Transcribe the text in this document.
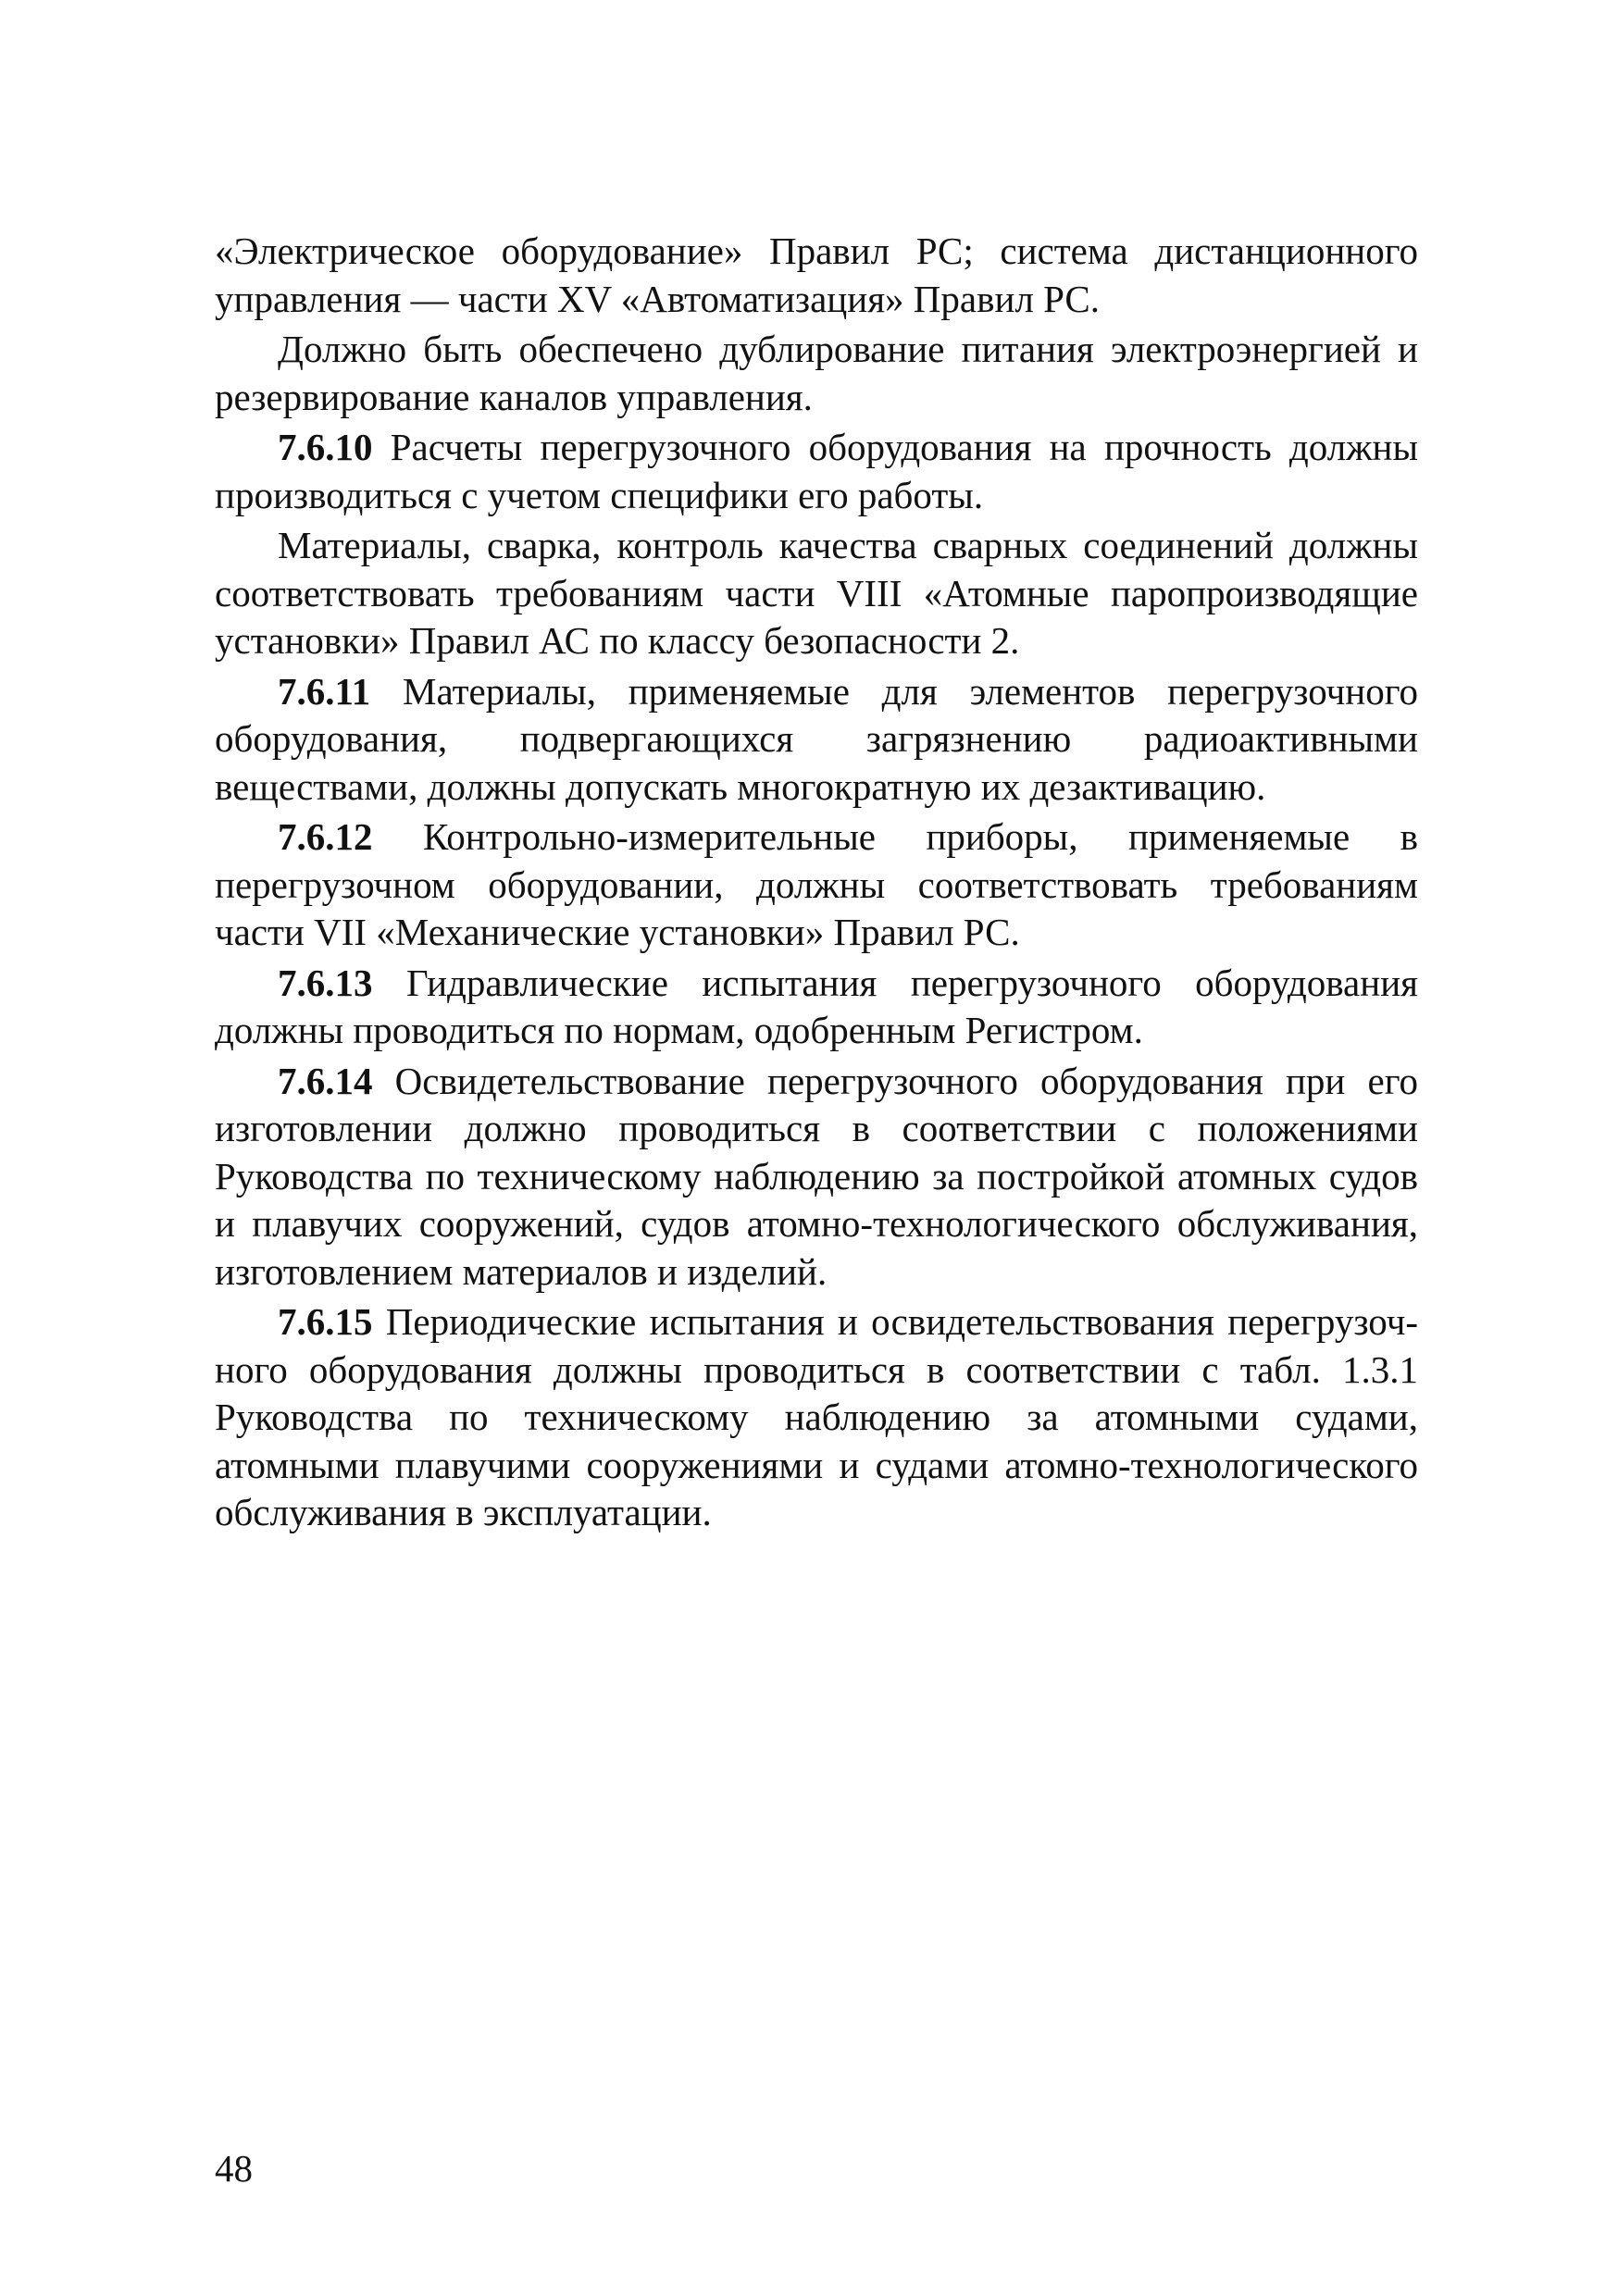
«Электрическое оборудование» Правил РС; система дистанционного управления — части XV «Автоматизация» Правил РС.

Должно быть обеспечено дублирование питания электроэнергией и резервирование каналов управления.

7.6.10 Расчеты перегрузочного оборудования на прочность должны производиться с учетом специфики его работы.

Материалы, сварка, контроль качества сварных соединений должны соответствовать требованиям части VIII «Атомные паропроизводящие установки» Правил АС по классу безопасности 2.

7.6.11 Материалы, применяемые для элементов перегрузочного оборудования, подвергающихся загрязнению радиоактивными веществами, должны допускать многократную их дезактивацию.

7.6.12 Контрольно-измерительные приборы, применяемые в перегрузочном оборудовании, должны соответствовать требованиям части VII «Механические установки» Правил РС.

7.6.13 Гидравлические испытания перегрузочного оборудования должны проводиться по нормам, одобренным Регистром.

7.6.14 Освидетельствование перегрузочного оборудования при его изготовлении должно проводиться в соответствии с положениями Руководства по техническому наблюдению за постройкой атомных судов и плавучих сооружений, судов атомно-технологического обслуживания, изготовлением материалов и изделий.

7.6.15 Периодические испытания и освидетельствования перегрузочного оборудования должны проводиться в соответствии с табл. 1.3.1 Руководства по техническому наблюдению за атомными судами, атомными плавучими сооружениями и судами атомно-технологического обслуживания в эксплуатации.

48
